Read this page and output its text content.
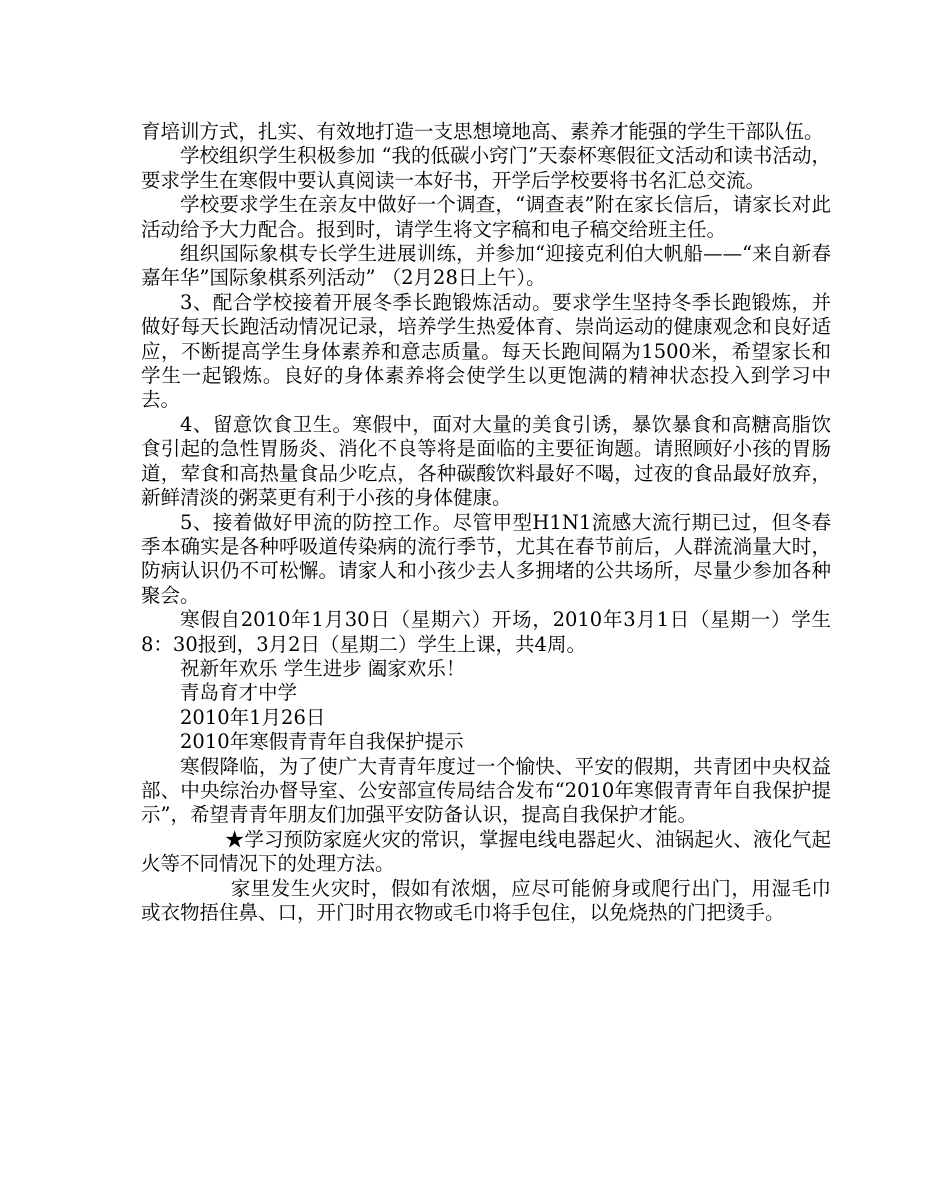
育培训方式，扎实、有效地打造一支思想境地高、素养才能强的学生干部队伍。

学校组织学生积极参加 “我的低碳小窍门”天泰杯寒假征文活动和读书活动，要求学生在寒假中要认真阅读一本好书，开学后学校要将书名汇总交流。

学校要求学生在亲友中做好一个调查，“调查表”附在家长信后，请家长对此活动给予大力配合。报到时，请学生将文字稿和电子稿交给班主任。

组织国际象棋专长学生进展训练，并参加“迎接克利伯大帆船——“来自新春嘉年华”国际象棋系列活动” （2月28日上午）。

3、配合学校接着开展冬季长跑锻炼活动。要求学生坚持冬季长跑锻炼，并做好每天长跑活动情况记录，培养学生热爱体育、崇尚运动的健康观念和良好适应，不断提高学生身体素养和意志质量。每天长跑间隔为1500米，希望家长和学生一起锻炼。良好的身体素养将会使学生以更饱满的精神状态投入到学习中去。

4、留意饮食卫生。寒假中，面对大量的美食引诱，暴饮暴食和高糖高脂饮食引起的急性胃肠炎、消化不良等将是面临的主要征询题。请照顾好小孩的胃肠道，荤食和高热量食品少吃点，各种碳酸饮料最好不喝，过夜的食品最好放弃，新鲜清淡的粥菜更有利于小孩的身体健康。

5、接着做好甲流的防控工作。尽管甲型H1N1流感大流行期已过，但冬春季本确实是各种呼吸道传染病的流行季节，尤其在春节前后，人群流淌量大时，防病认识仍不可松懈。请家人和小孩少去人多拥堵的公共场所，尽量少参加各种聚会。

寒假自2010年1月30日（星期六）开场，2010年3月1日（星期一）学生8：30报到，3月2日（星期二）学生上课，共4周。

祝新年欢乐 学生进步 阖家欢乐！

青岛育才中学

2010年1月26日

2010年寒假青青年自我保护提示

寒假降临，为了使广大青青年度过一个愉快、平安的假期，共青团中央权益部、中央综治办督导室、公安部宣传局结合发布“2010年寒假青青年自我保护提示”，希望青青年朋友们加强平安防备认识，提高自我保护才能。

★学习预防家庭火灾的常识，掌握电线电器起火、油锅起火、液化气起火等不同情况下的处理方法。

家里发生火灾时，假如有浓烟，应尽可能俯身或爬行出门，用湿毛巾或衣物捂住鼻、口，开门时用衣物或毛巾将手包住，以免烧热的门把烫手。
